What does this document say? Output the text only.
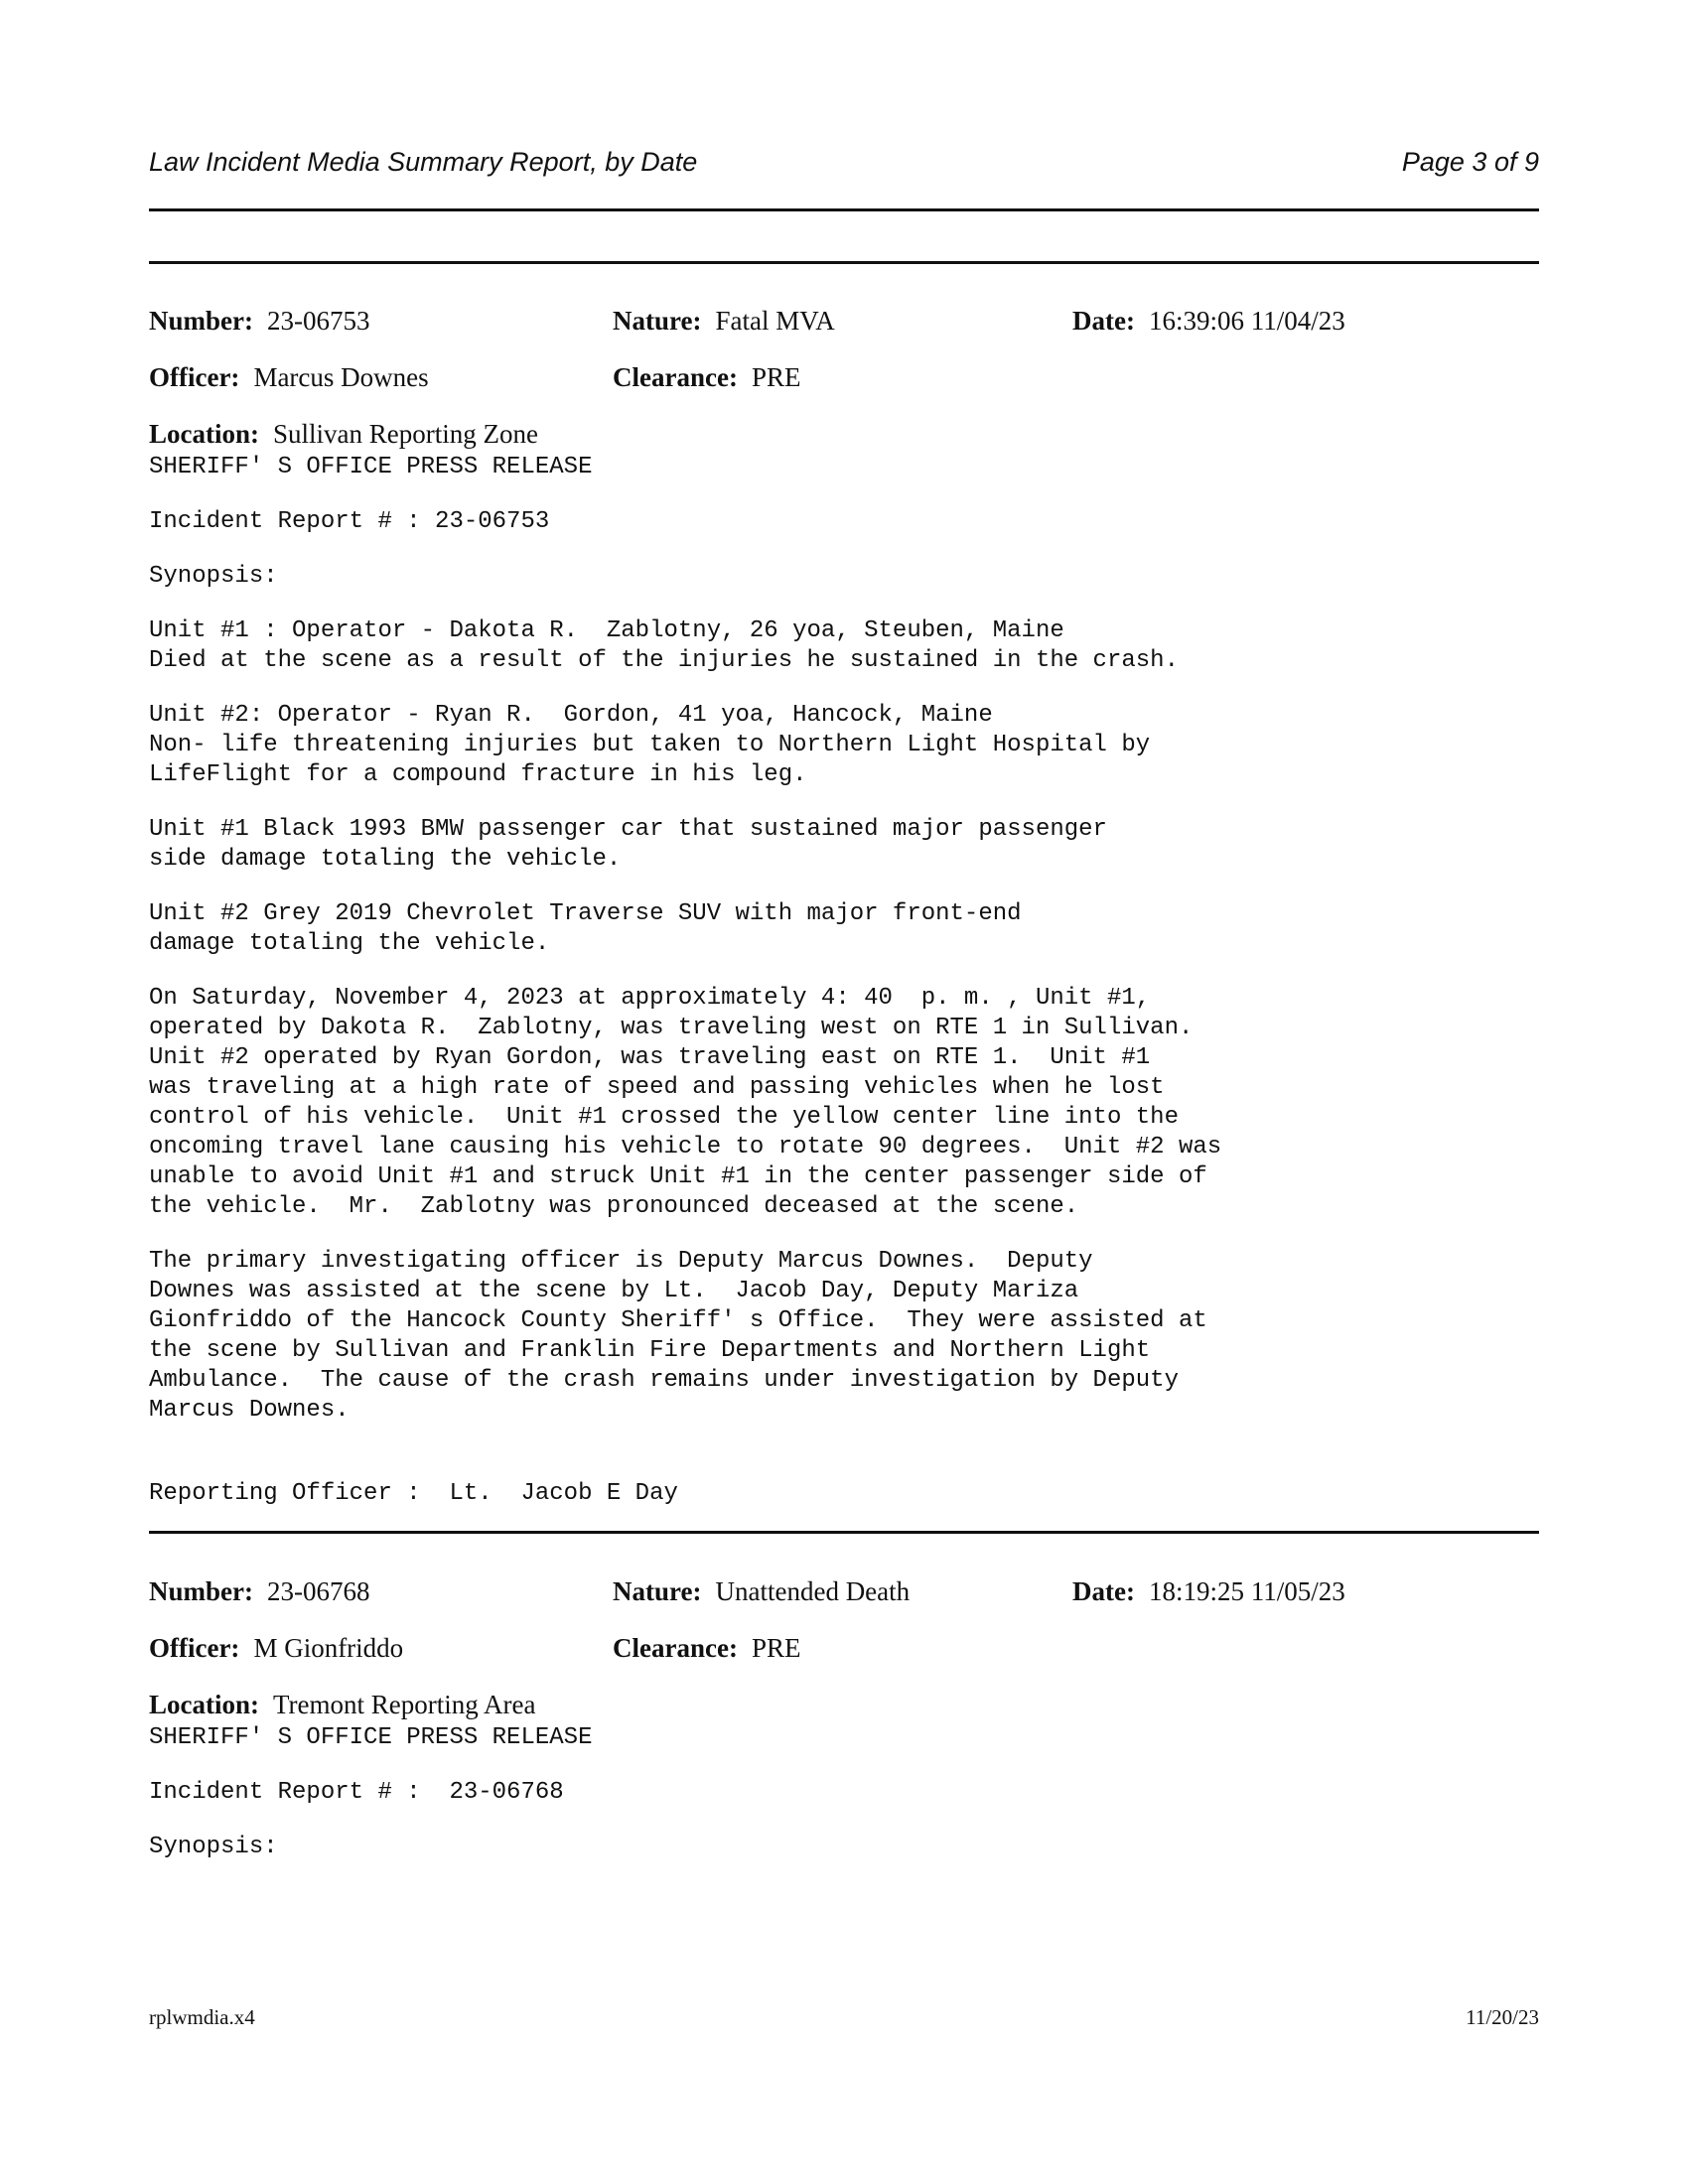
Law Incident Media Summary Report, by Date	Page 3 of 9
Number: 23-06753	Nature: Fatal MVA	Date: 16:39:06 11/04/23
Officer: Marcus Downes	Clearance: PRE
Location: Sullivan Reporting Zone

SHERIFF' S OFFICE PRESS RELEASE

Incident Report # : 23-06753

Synopsis:

Unit #1 : Operator - Dakota R.  Zablotny, 26 yoa, Steuben, Maine
Died at the scene as a result of the injuries he sustained in the crash.

Unit #2: Operator - Ryan R.  Gordon, 41 yoa, Hancock, Maine
Non- life threatening injuries but taken to Northern Light Hospital by
LifeFlight for a compound fracture in his leg.

Unit #1 Black 1993 BMW passenger car that sustained major passenger
side damage totaling the vehicle.

Unit #2 Grey 2019 Chevrolet Traverse SUV with major front-end
damage totaling the vehicle.

On Saturday, November 4, 2023 at approximately 4: 40  p. m. , Unit #1,
operated by Dakota R.  Zablotny, was traveling west on RTE 1 in Sullivan.
Unit #2 operated by Ryan Gordon, was traveling east on RTE 1.  Unit #1
was traveling at a high rate of speed and passing vehicles when he lost
control of his vehicle.  Unit #1 crossed the yellow center line into the
oncoming travel lane causing his vehicle to rotate 90 degrees.  Unit #2 was
unable to avoid Unit #1 and struck Unit #1 in the center passenger side of
the vehicle.  Mr.  Zablotny was pronounced deceased at the scene.

The primary investigating officer is Deputy Marcus Downes.  Deputy
Downes was assisted at the scene by Lt.  Jacob Day, Deputy Mariza
Gionfriddo of the Hancock County Sheriff' s Office.  They were assisted at
the scene by Sullivan and Franklin Fire Departments and Northern Light
Ambulance.  The cause of the crash remains under investigation by Deputy
Marcus Downes.

Reporting Officer :  Lt.  Jacob E Day

Number: 23-06768	Nature: Unattended Death	Date: 18:19:25 11/05/23
Officer: M Gionfriddo	Clearance: PRE
Location: Tremont Reporting Area

SHERIFF' S OFFICE PRESS RELEASE

Incident Report # :  23-06768

Synopsis:

rplwmdia.x4	11/20/23
